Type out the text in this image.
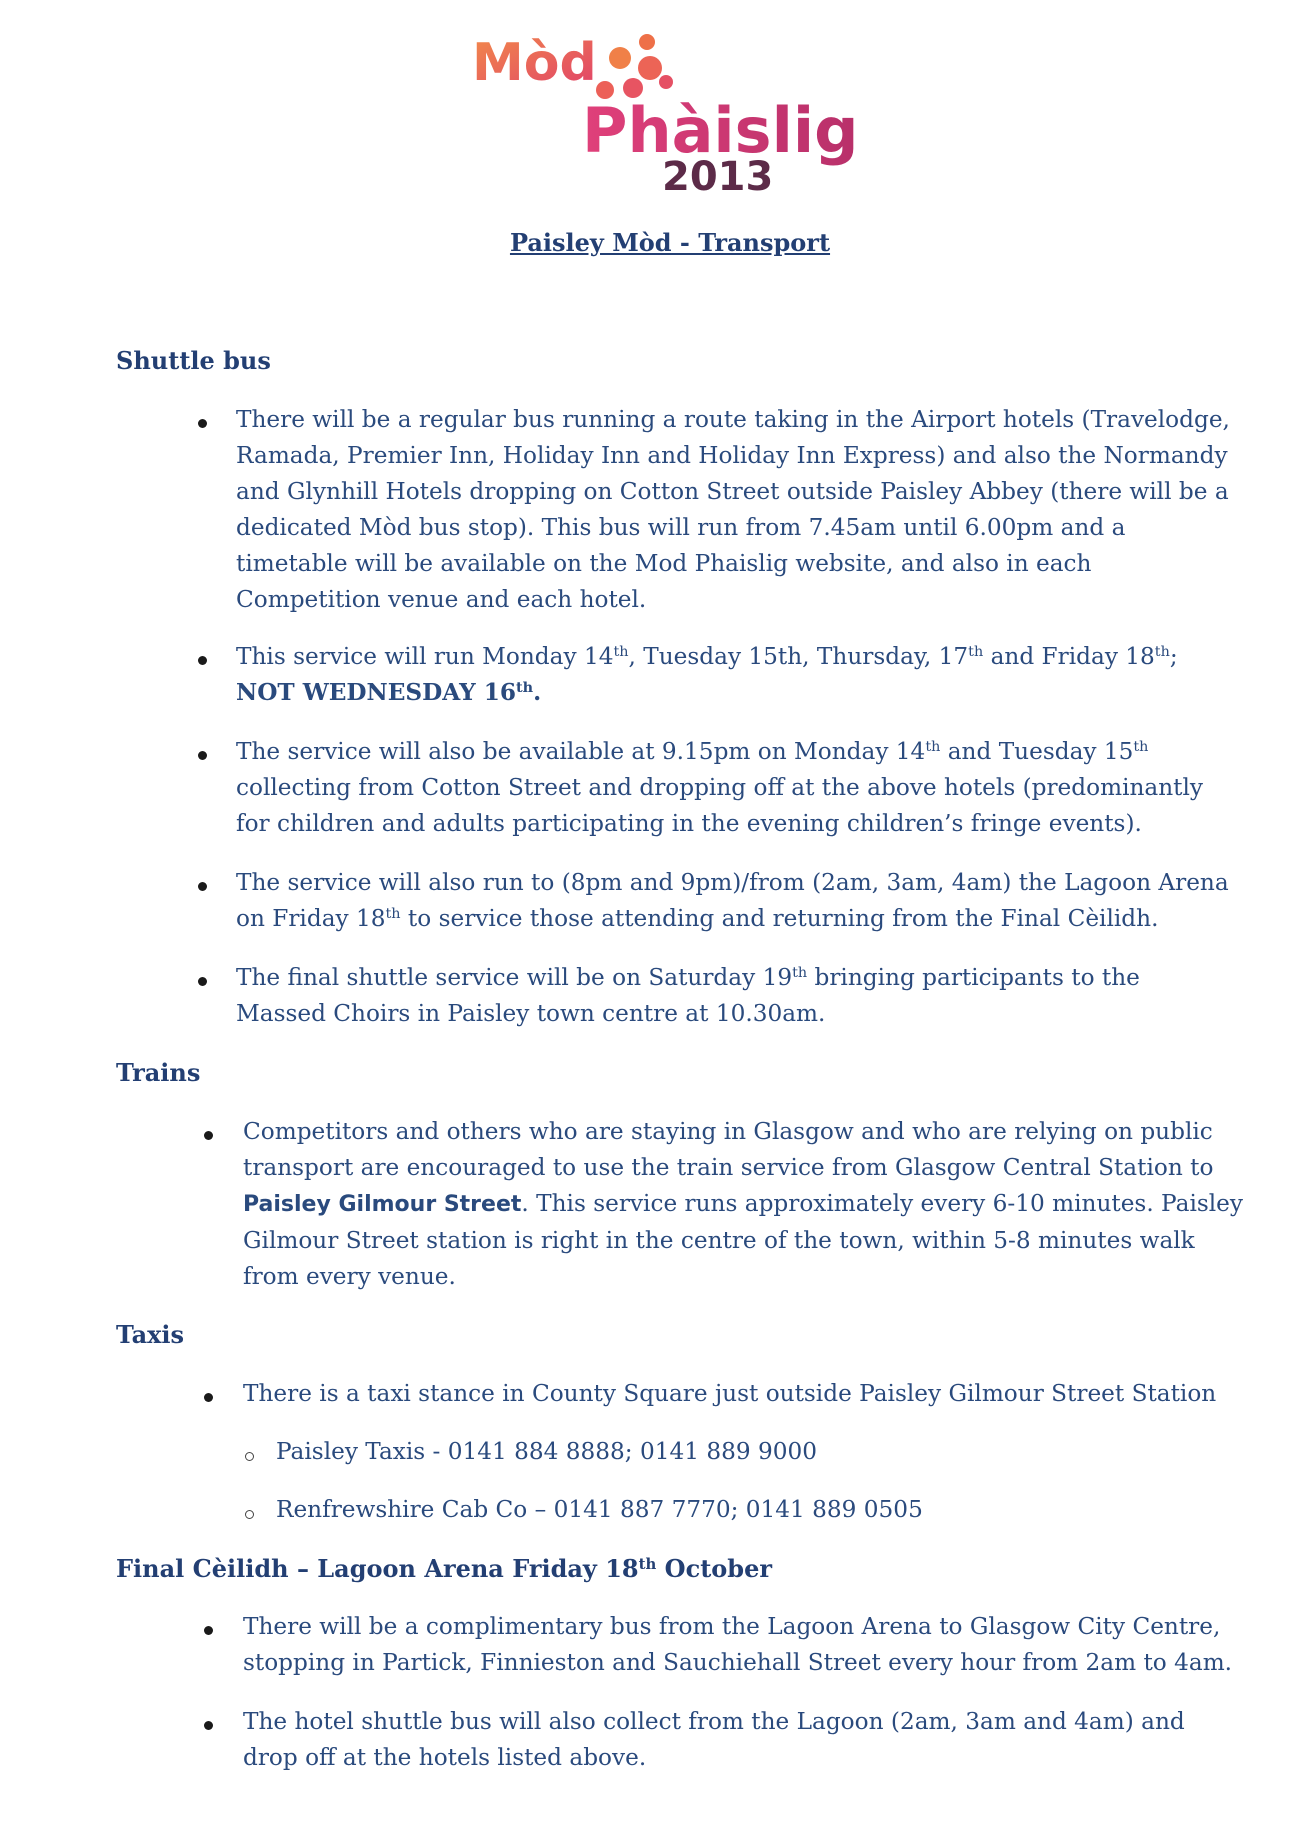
Mòd
Phàislig
2013
Paisley Mòd - Transport
Shuttle bus
There will be a regular bus running a route taking in the Airport hotels (Travelodge, Ramada, Premier Inn, Holiday Inn and Holiday Inn Express) and also the Normandy and Glynhill Hotels dropping on Cotton Street outside Paisley Abbey (there will be a dedicated Mòd bus stop). This bus will run from 7.45am until 6.00pm and a timetable will be available on the Mod Phaislig website, and also in each Competition venue and each hotel.
This service will run Monday 14th, Tuesday 15th, Thursday, 17th and Friday 18th; NOT WEDNESDAY 16th.
The service will also be available at 9.15pm on Monday 14th and Tuesday 15th collecting from Cotton Street and dropping off at the above hotels (predominantly for children and adults participating in the evening children’s fringe events).
The service will also run to (8pm and 9pm)/from (2am, 3am, 4am) the Lagoon Arena on Friday 18th to service those attending and returning from the Final Cèilidh.
The final shuttle service will be on Saturday 19th bringing participants to the Massed Choirs in Paisley town centre at 10.30am.
Trains
Competitors and others who are staying in Glasgow and who are relying on public transport are encouraged to use the train service from Glasgow Central Station to Paisley Gilmour Street. This service runs approximately every 6-10 minutes. Paisley Gilmour Street station is right in the centre of the town, within 5-8 minutes walk from every venue.
Taxis
There is a taxi stance in County Square just outside Paisley Gilmour Street Station
Paisley Taxis - 0141 884 8888; 0141 889 9000
Renfrewshire Cab Co – 0141 887 7770; 0141 889 0505
Final Cèilidh – Lagoon Arena Friday 18th October
There will be a complimentary bus from the Lagoon Arena to Glasgow City Centre, stopping in Partick, Finnieston and Sauchiehall Street every hour from 2am to 4am.
The hotel shuttle bus will also collect from the Lagoon (2am, 3am and 4am) and drop off at the hotels listed above.
